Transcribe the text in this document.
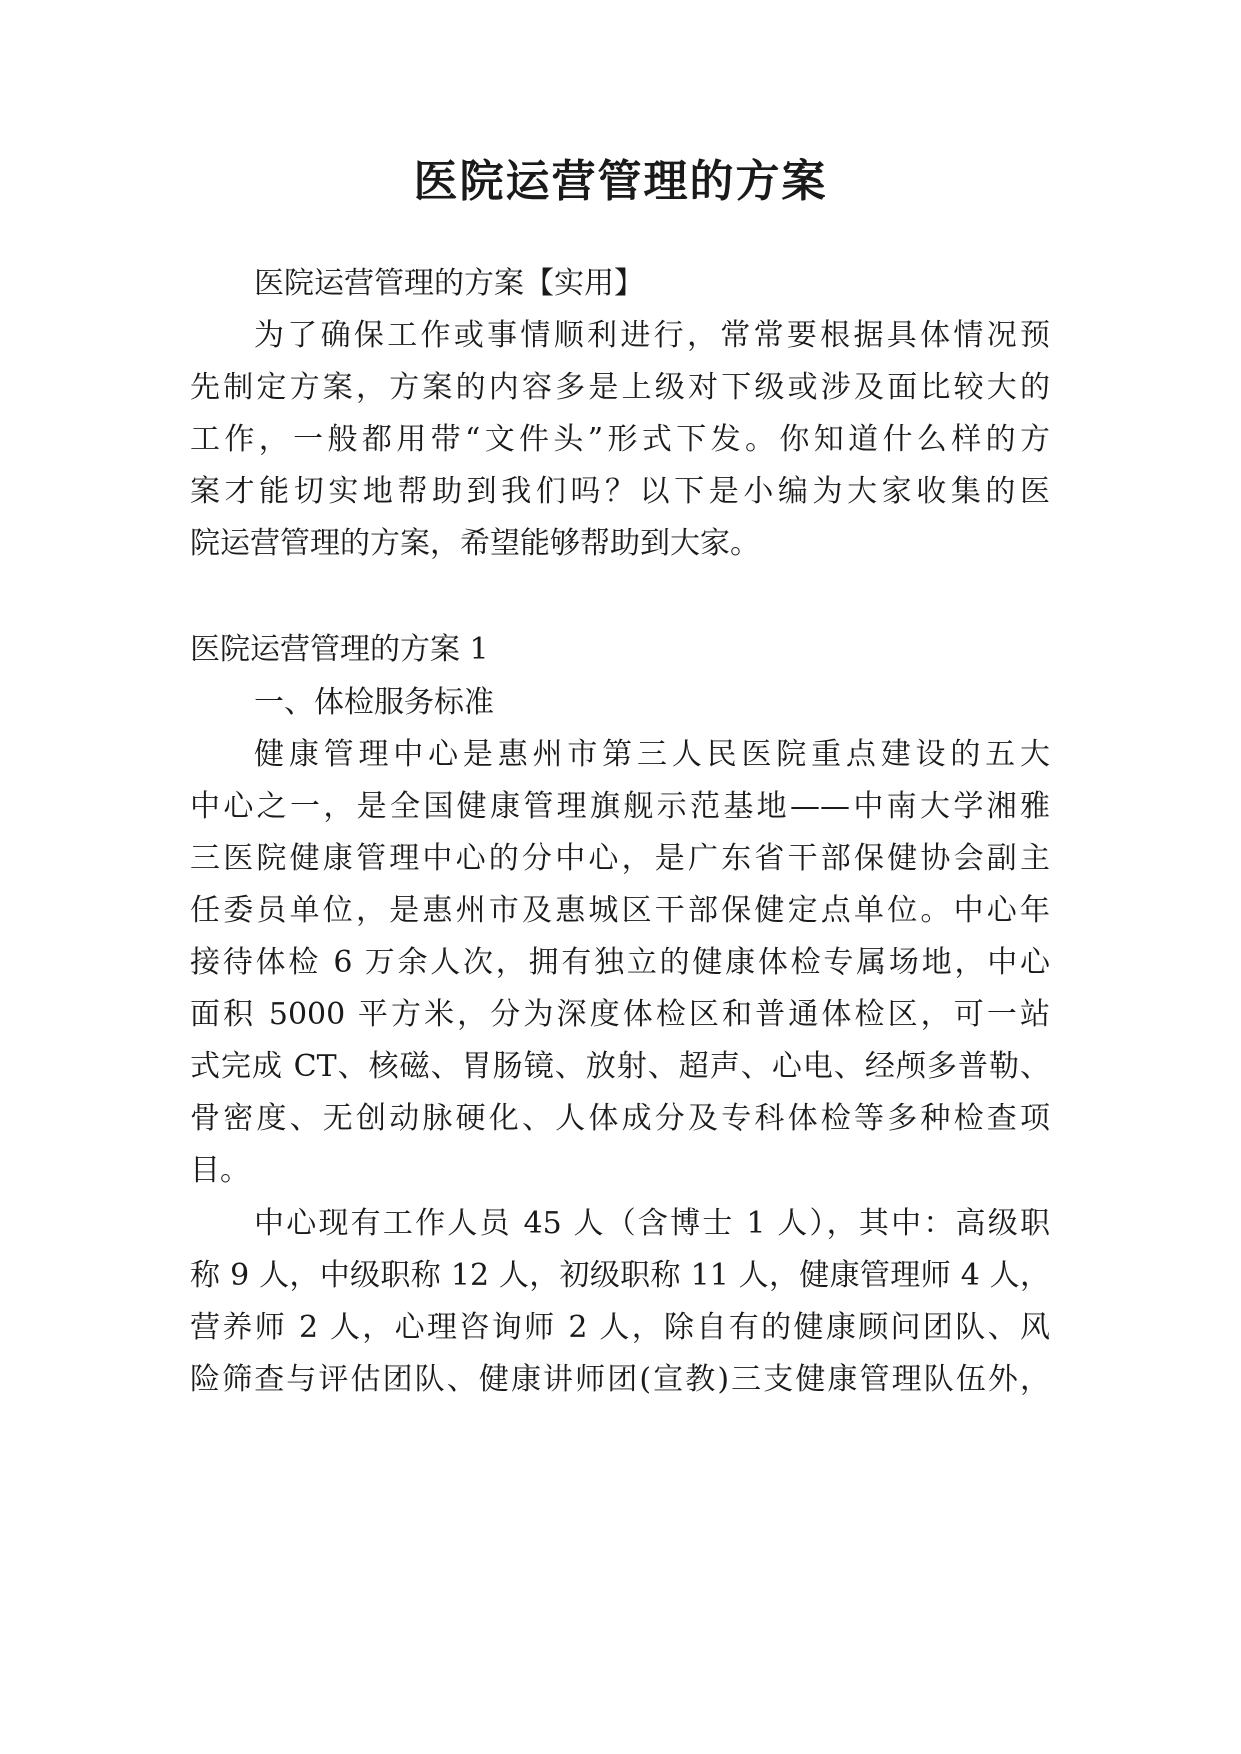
医院运营管理的方案
医院运营管理的方案【实用】
为了确保工作或事情顺利进行，常常要根据具体情况预
先制定方案，方案的内容多是上级对下级或涉及面比较大的
工作，一般都用带“文件头”形式下发。你知道什么样的方
案才能切实地帮助到我们吗？以下是小编为大家收集的医
院运营管理的方案，希望能够帮助到大家。
医院运营管理的方案 1
一、体检服务标准
健康管理中心是惠州市第三人民医院重点建设的五大
中心之一，是全国健康管理旗舰示范基地——中南大学湘雅
三医院健康管理中心的分中心，是广东省干部保健协会副主
任委员单位，是惠州市及惠城区干部保健定点单位。中心年
接待体检 6 万余人次，拥有独立的健康体检专属场地，中心
面积 5000 平方米，分为深度体检区和普通体检区，可一站
式完成 CT、核磁、胃肠镜、放射、超声、心电、经颅多普勒、
骨密度、无创动脉硬化、人体成分及专科体检等多种检查项
目。
中心现有工作人员 45 人（含博士 1 人），其中：高级职
称 9 人，中级职称 12 人，初级职称 11 人，健康管理师 4 人，
营养师 2 人，心理咨询师 2 人，除自有的健康顾问团队、风
险筛查与评估团队、健康讲师团(宣教)三支健康管理队伍外，
